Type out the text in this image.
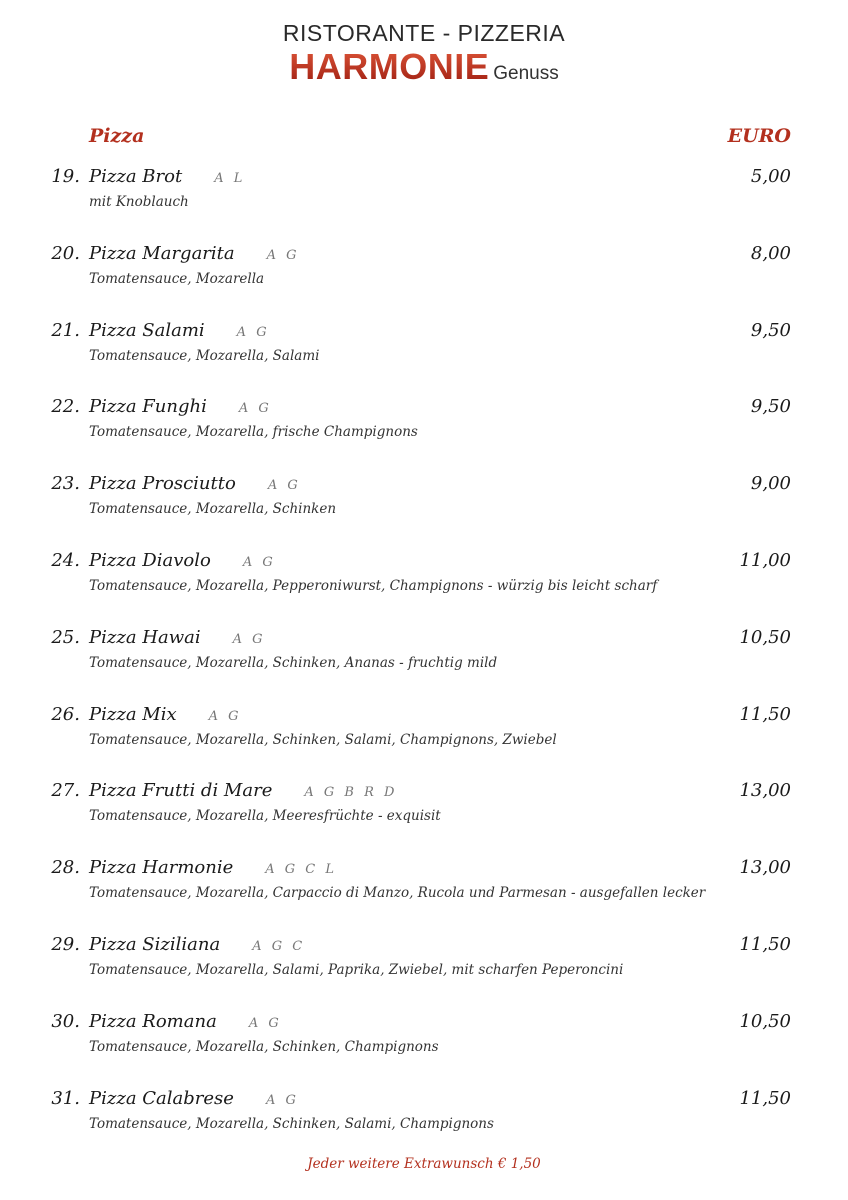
RISTORANTE - PIZZERIA
HARMONIE Genuss
Pizza	EURO
19. Pizza Brot A L	5,00
mit Knoblauch
20. Pizza Margarita A G	8,00
Tomatensauce, Mozarella
21. Pizza Salami A G	9,50
Tomatensauce, Mozarella, Salami
22. Pizza Funghi A G	9,50
Tomatensauce, Mozarella, frische Champignons
23. Pizza Prosciutto A G	9,00
Tomatensauce, Mozarella, Schinken
24. Pizza Diavolo A G	11,00
Tomatensauce, Mozarella, Pepperoniwurst, Champignons - würzig bis leicht scharf
25. Pizza Hawai A G	10,50
Tomatensauce, Mozarella, Schinken, Ananas - fruchtig mild
26. Pizza Mix A G	11,50
Tomatensauce, Mozarella, Schinken, Salami, Champignons, Zwiebel
27. Pizza Frutti di Mare A G B R D	13,00
Tomatensauce, Mozarella, Meeresfrüchte - exquisit
28. Pizza Harmonie A G C L	13,00
Tomatensauce, Mozarella, Carpaccio di Manzo, Rucola und Parmesan - ausgefallen lecker
29. Pizza Siziliana A G C	11,50
Tomatensauce, Mozarella, Salami, Paprika, Zwiebel, mit scharfen Peperoncini
30. Pizza Romana A G	10,50
Tomatensauce, Mozarella, Schinken, Champignons
31. Pizza Calabrese A G	11,50
Tomatensauce, Mozarella, Schinken, Salami, Champignons
Jeder weitere Extrawunsch € 1,50
